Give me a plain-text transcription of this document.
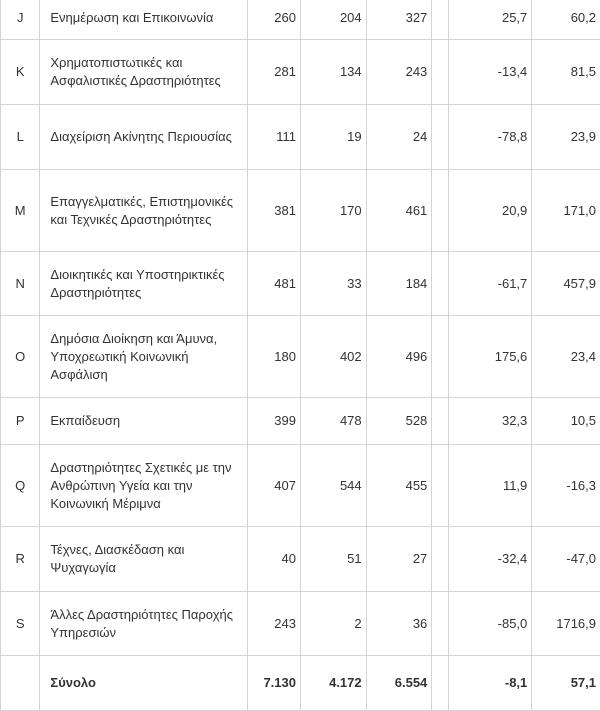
J	Ενημέρωση και Επικοινωνία	260	204	327		25,7	60,2
K	Χρηματοπιστωτικές και Ασφαλιστικές Δραστηριότητες	281	134	243		-13,4	81,5
L	Διαχείριση Ακίνητης Περιουσίας	111	19	24		-78,8	23,9
M	Επαγγελματικές, Επιστημονικές και Τεχνικές Δραστηριότητες	381	170	461		20,9	171,0
N	Διοικητικές και Υποστηρικτικές Δραστηριότητες	481	33	184		-61,7	457,9
O	Δημόσια Διοίκηση και Άμυνα, Υποχρεωτική Κοινωνική Ασφάλιση	180	402	496		175,6	23,4
P	Εκπαίδευση	399	478	528		32,3	10,5
Q	Δραστηριότητες Σχετικές με την Ανθρώπινη Υγεία και την Κοινωνική Μέριμνα	407	544	455		11,9	-16,3
R	Τέχνες, Διασκέδαση και Ψυχαγωγία	40	51	27		-32,4	-47,0
S	Άλλες Δραστηριότητες Παροχής Υπηρεσιών	243	2	36		-85,0	1716,9
	Σύνολο	7.130	4.172	6.554		-8,1	57,1
